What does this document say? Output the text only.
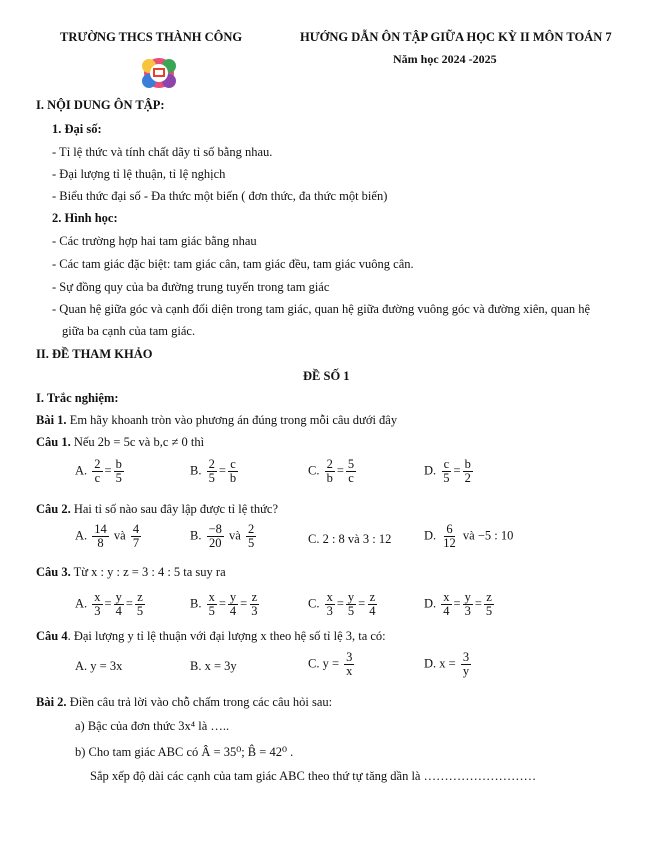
TRƯỜNG THCS THÀNH CÔNG	HƯỚNG DẪN ÔN TẬP GIỮA HỌC KỲ II MÔN TOÁN 7
Năm học 2024 -2025
I. NỘI DUNG ÔN TẬP:
1. Đại số:
- Tỉ lệ thức và tính chất dãy tỉ số bằng nhau.
- Đại lượng tỉ lệ thuận, tỉ lệ nghịch
- Biểu thức đại số - Đa thức một biến ( đơn thức, đa thức một biến)
2. Hình học:
- Các trường hợp hai tam giác bằng nhau
- Các tam giác đặc biệt: tam giác cân, tam giác đều, tam giác vuông cân.
- Sự đồng quy của ba đường trung tuyến trong tam giác
- Quan hệ giữa góc và cạnh đối diện trong tam giác, quan hệ giữa đường vuông góc và đường xiên, quan hệ
giữa ba cạnh của tam giác.
II. ĐỀ THAM KHẢO
ĐỀ SỐ 1
I. Trắc nghiệm:
Bài 1. Em hãy khoanh tròn vào phương án đúng trong mỗi câu dưới đây
Câu 1. Nếu 2b = 5c và b,c ≠ 0 thì
A. $\frac{2}{c} = \frac{b}{5}$	B. $\frac{2}{5} = \frac{c}{b}$	C. $\frac{2}{b} = \frac{5}{c}$	D. $\frac{c}{5} = \frac{b}{2}$
Câu 2. Hai tỉ số nào sau đây lập được tỉ lệ thức?
A. $\frac{14}{8}$ và $\frac{4}{7}$	B. $\frac{-8}{20}$ và $\frac{2}{5}$	C. 2 : 8 và 3 : 12	D. $\frac{6}{12}$ và −5 : 10
Câu 3. Từ x : y : z = 3 : 4 : 5 ta suy ra
A. $\frac{x}{3} = \frac{y}{4} = \frac{z}{5}$	B. $\frac{x}{5} = \frac{y}{4} = \frac{z}{3}$	C. $\frac{x}{3} = \frac{y}{5} = \frac{z}{4}$	D. $\frac{x}{4} = \frac{y}{3} = \frac{z}{5}$
Câu 4. Đại lượng y tỉ lệ thuận với đại lượng x theo hệ số tỉ lệ 3, ta có:
A. y = 3x	B. x = 3y	C. $y = \frac{3}{x}$	D. $x = \frac{3}{y}$
Bài 2. Điền câu trả lời vào chỗ chấm trong các câu hỏi sau:
a) Bậc của đơn thức 3x⁴ là …..
b) Cho tam giác ABC có Â = 35⁰; B̂ = 42⁰ .
Sắp xếp độ dài các cạnh của tam giác ABC theo thứ tự tăng dần là ………………………
